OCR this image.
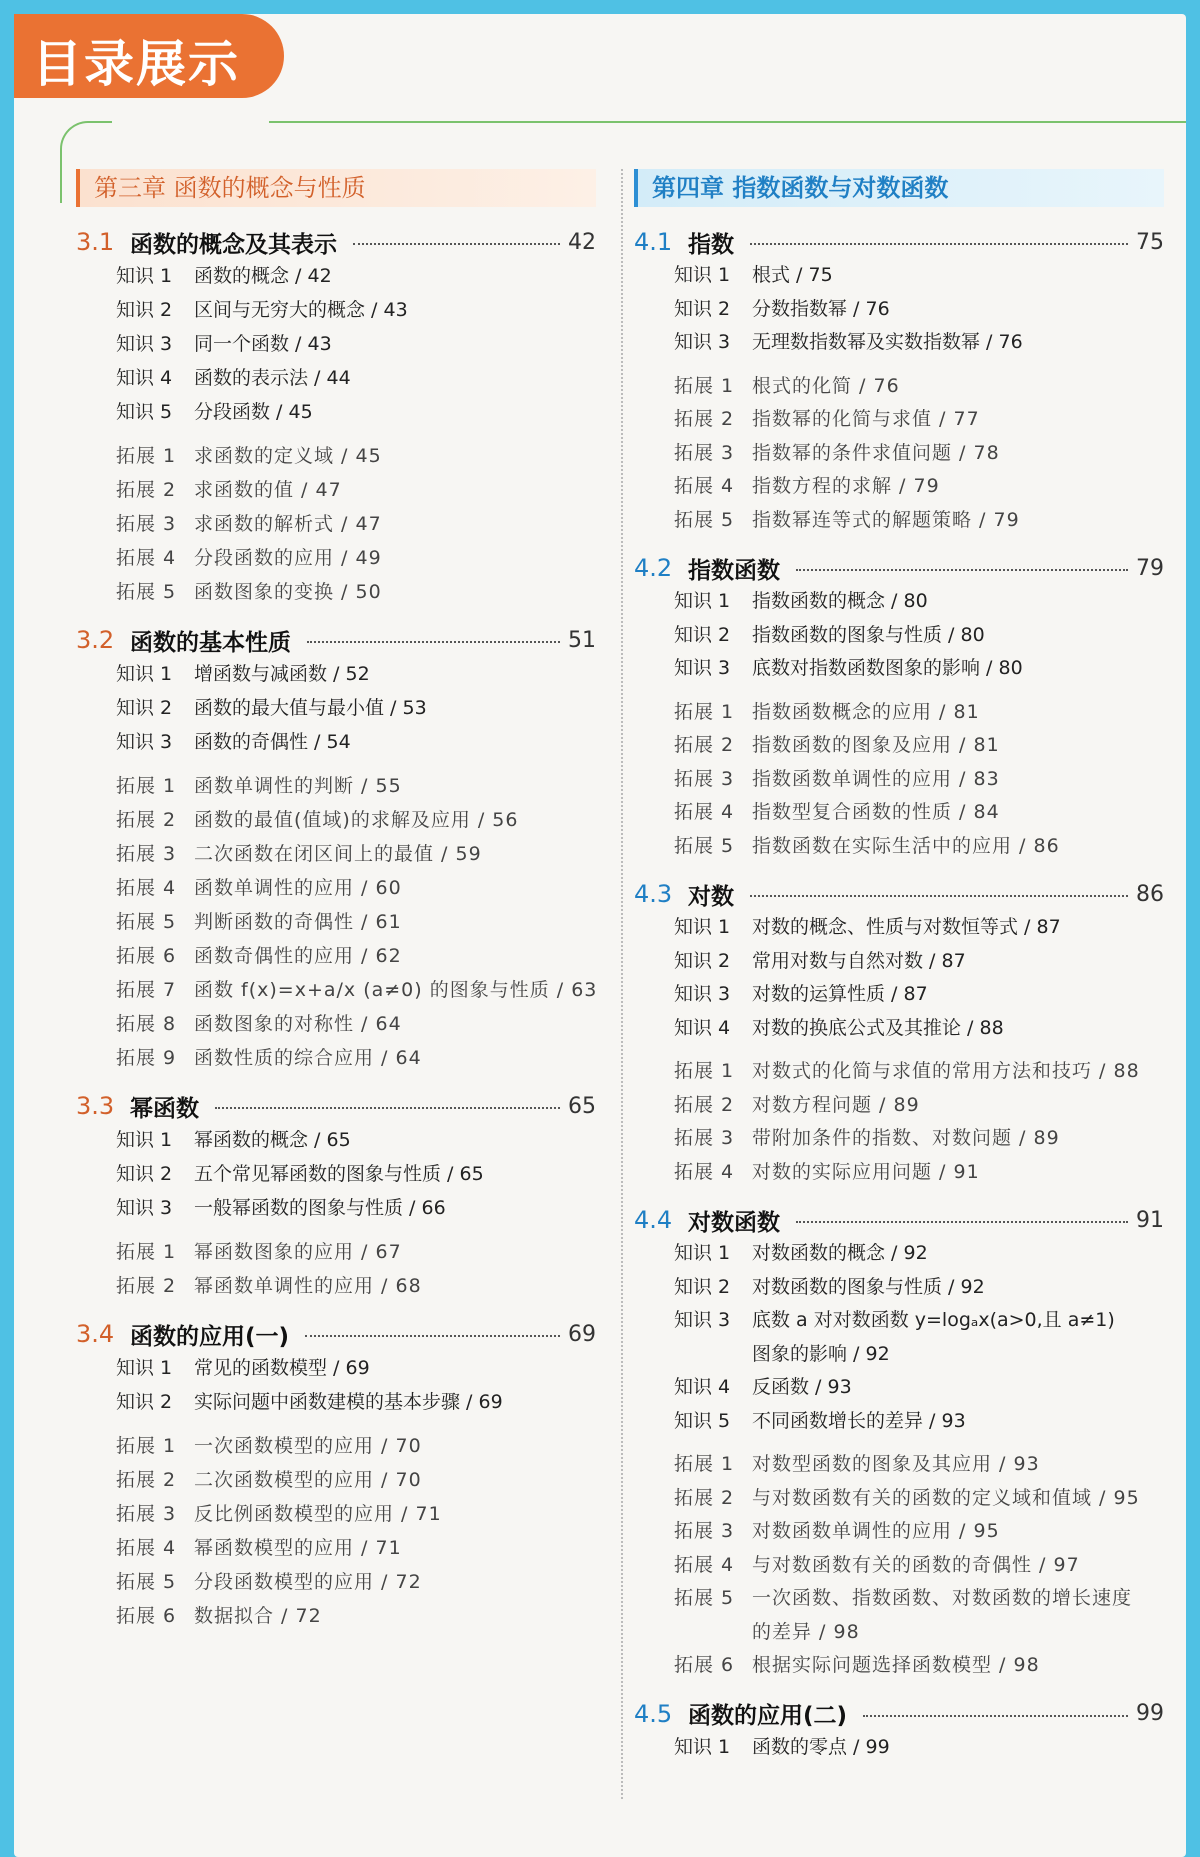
目录展示
第三章 函数的概念与性质
3.1 函数的概念及其表示	42
知识 1 函数的概念 / 42
知识 2 区间与无穷大的概念 / 43
知识 3 同一个函数 / 43
知识 4 函数的表示法 / 44
知识 5 分段函数 / 45
拓展 1 求函数的定义域 / 45
拓展 2 求函数的值 / 47
拓展 3 求函数的解析式 / 47
拓展 4 分段函数的应用 / 49
拓展 5 函数图象的变换 / 50
3.2 函数的基本性质	51
知识 1 增函数与减函数 / 52
知识 2 函数的最大值与最小值 / 53
知识 3 函数的奇偶性 / 54
拓展 1 函数单调性的判断 / 55
拓展 2 函数的最值(值域)的求解及应用 / 56
拓展 3 二次函数在闭区间上的最值 / 59
拓展 4 函数单调性的应用 / 60
拓展 5 判断函数的奇偶性 / 61
拓展 6 函数奇偶性的应用 / 62
拓展 7 函数 f(x)=x+a/x (a≠0) 的图象与性质 / 63
拓展 8 函数图象的对称性 / 64
拓展 9 函数性质的综合应用 / 64
3.3 幂函数	65
知识 1 幂函数的概念 / 65
知识 2 五个常见幂函数的图象与性质 / 65
知识 3 一般幂函数的图象与性质 / 66
拓展 1 幂函数图象的应用 / 67
拓展 2 幂函数单调性的应用 / 68
3.4 函数的应用(一)	69
知识 1 常见的函数模型 / 69
知识 2 实际问题中函数建模的基本步骤 / 69
拓展 1 一次函数模型的应用 / 70
拓展 2 二次函数模型的应用 / 70
拓展 3 反比例函数模型的应用 / 71
拓展 4 幂函数模型的应用 / 71
拓展 5 分段函数模型的应用 / 72
拓展 6 数据拟合 / 72
第四章 指数函数与对数函数
4.1 指数	75
知识 1 根式 / 75
知识 2 分数指数幂 / 76
知识 3 无理数指数幂及实数指数幂 / 76
拓展 1 根式的化简 / 76
拓展 2 指数幂的化简与求值 / 77
拓展 3 指数幂的条件求值问题 / 78
拓展 4 指数方程的求解 / 79
拓展 5 指数幂连等式的解题策略 / 79
4.2 指数函数	79
知识 1 指数函数的概念 / 80
知识 2 指数函数的图象与性质 / 80
知识 3 底数对指数函数图象的影响 / 80
拓展 1 指数函数概念的应用 / 81
拓展 2 指数函数的图象及应用 / 81
拓展 3 指数函数单调性的应用 / 83
拓展 4 指数型复合函数的性质 / 84
拓展 5 指数函数在实际生活中的应用 / 86
4.3 对数	86
知识 1 对数的概念、性质与对数恒等式 / 87
知识 2 常用对数与自然对数 / 87
知识 3 对数的运算性质 / 87
知识 4 对数的换底公式及其推论 / 88
拓展 1 对数式的化简与求值的常用方法和技巧 / 88
拓展 2 对数方程问题 / 89
拓展 3 带附加条件的指数、对数问题 / 89
拓展 4 对数的实际应用问题 / 91
4.4 对数函数	91
知识 1 对数函数的概念 / 92
知识 2 对数函数的图象与性质 / 92
知识 3 底数 a 对对数函数 y=logₐx(a>0,且 a≠1)
图象的影响 / 92
知识 4 反函数 / 93
知识 5 不同函数增长的差异 / 93
拓展 1 对数型函数的图象及其应用 / 93
拓展 2 与对数函数有关的函数的定义域和值域 / 95
拓展 3 对数函数单调性的应用 / 95
拓展 4 与对数函数有关的函数的奇偶性 / 97
拓展 5 一次函数、指数函数、对数函数的增长速度
的差异 / 98
拓展 6 根据实际问题选择函数模型 / 98
4.5 函数的应用(二)	99
知识 1 函数的零点 / 99
